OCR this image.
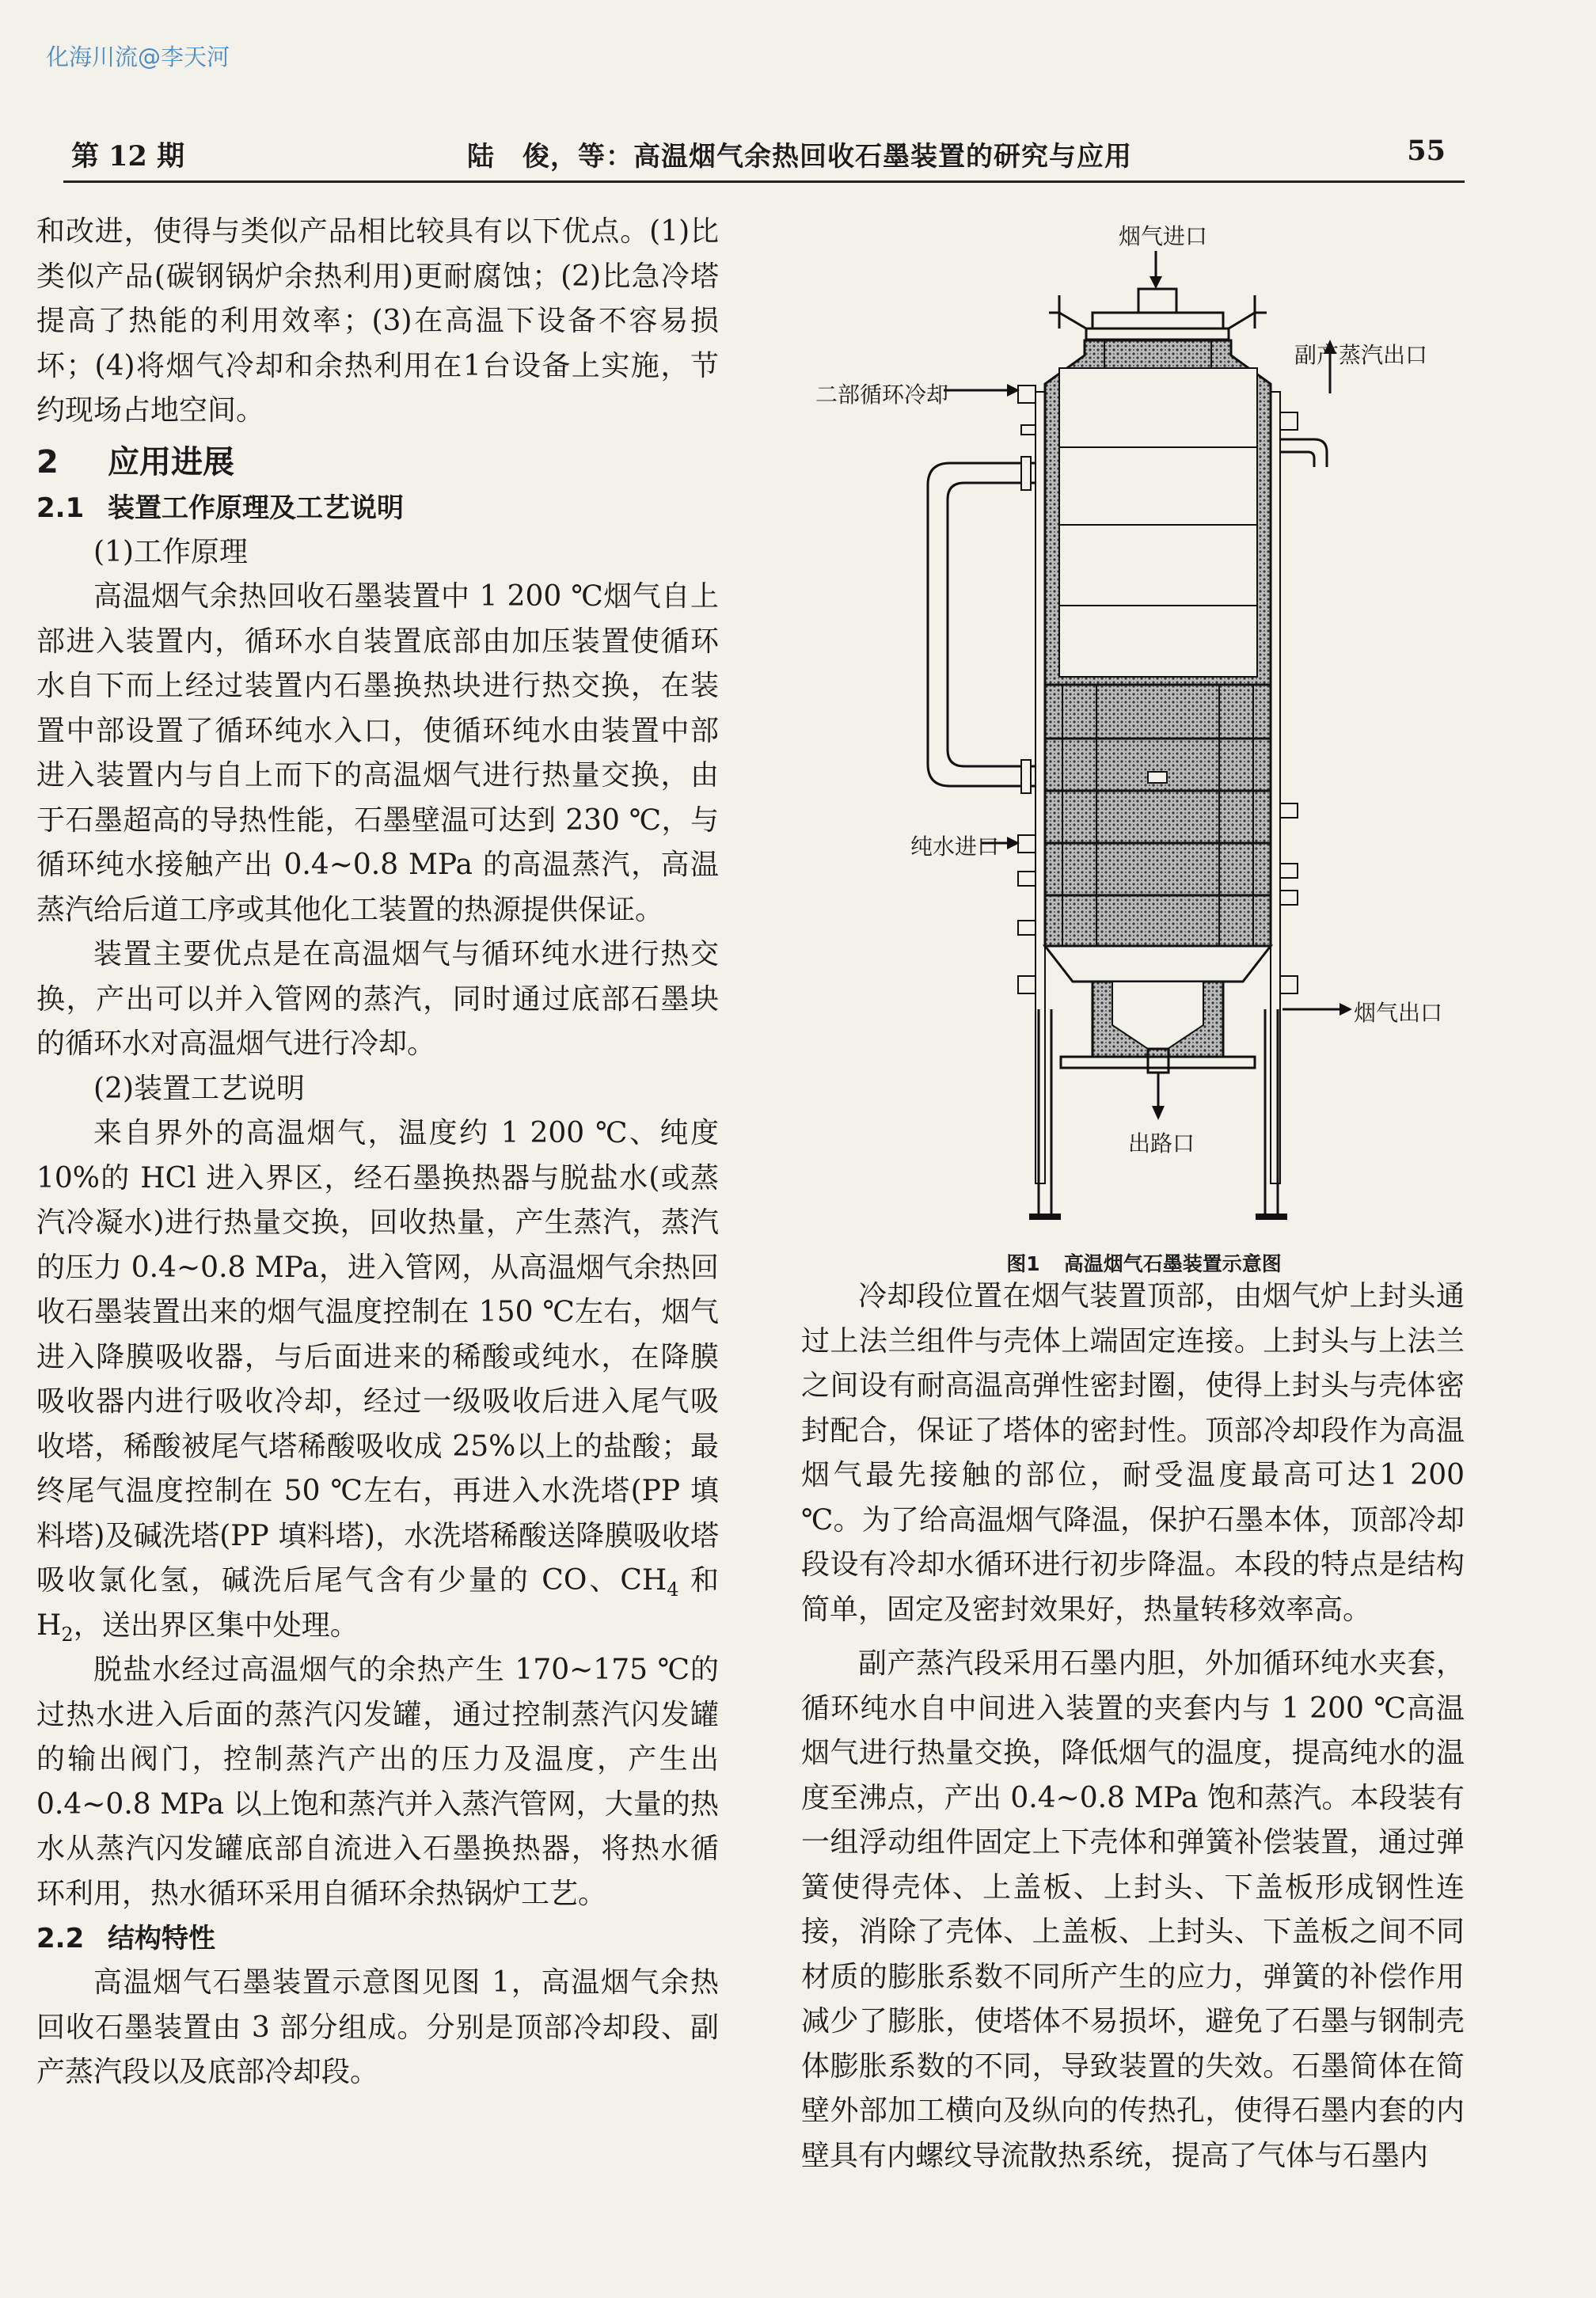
化海川流@李天河
第 12 期	陆　俊，等：高温烟气余热回收石墨装置的研究与应用	55

和改进，使得与类似产品相比较具有以下优点。(1)比类似产品(碳钢锅炉余热利用)更耐腐蚀；(2)比急冷塔提高了热能的利用效率；(3)在高温下设备不容易损坏；(4)将烟气冷却和余热利用在1台设备上实施，节约现场占地空间。

2 应用进展
2.1 装置工作原理及工艺说明

(1)工作原理

高温烟气余热回收石墨装置中 1 200 ℃烟气自上部进入装置内，循环水自装置底部由加压装置使循环水自下而上经过装置内石墨换热块进行热交换，在装置中部设置了循环纯水入口，使循环纯水由装置中部进入装置内与自上而下的高温烟气进行热量交换，由于石墨超高的导热性能，石墨壁温可达到 230 ℃，与循环纯水接触产出 0.4~0.8 MPa 的高温蒸汽，高温蒸汽给后道工序或其他化工装置的热源提供保证。

装置主要优点是在高温烟气与循环纯水进行热交换，产出可以并入管网的蒸汽，同时通过底部石墨块的循环水对高温烟气进行冷却。

(2)装置工艺说明

来自界外的高温烟气，温度约 1 200 ℃、纯度10%的 HCl 进入界区，经石墨换热器与脱盐水(或蒸汽冷凝水)进行热量交换，回收热量，产生蒸汽，蒸汽的压力 0.4~0.8 MPa，进入管网，从高温烟气余热回收石墨装置出来的烟气温度控制在 150 ℃左右，烟气进入降膜吸收器，与后面进来的稀酸或纯水，在降膜吸收器内进行吸收冷却，经过一级吸收后进入尾气吸收塔，稀酸被尾气塔稀酸吸收成 25%以上的盐酸；最终尾气温度控制在 50 ℃左右，再进入水洗塔(PP 填料塔)及碱洗塔(PP 填料塔)，水洗塔稀酸送降膜吸收塔吸收氯化氢，碱洗后尾气含有少量的 CO、$CH_4$ 和 $H_2$，送出界区集中处理。

脱盐水经过高温烟气的余热产生 170~175 ℃的过热水进入后面的蒸汽闪发罐，通过控制蒸汽闪发罐的输出阀门，控制蒸汽产出的压力及温度，产生出 0.4~0.8 MPa 以上饱和蒸汽并入蒸汽管网，大量的热水从蒸汽闪发罐底部自流进入石墨换热器，将热水循环利用，热水循环采用自循环余热锅炉工艺。

2.2 结构特性

高温烟气石墨装置示意图见图 1，高温烟气余热回收石墨装置由 3 部分组成。分别是顶部冷却段、副产蒸汽段以及底部冷却段。

烟气进口
二部循环冷却
副产蒸汽出口
纯水进口
烟气出口
出路口
图1 高温烟气石墨装置示意图

冷却段位置在烟气装置顶部，由烟气炉上封头通过上法兰组件与壳体上端固定连接。上封头与上法兰之间设有耐高温高弹性密封圈，使得上封头与壳体密封配合，保证了塔体的密封性。顶部冷却段作为高温烟气最先接触的部位，耐受温度最高可达1 200 ℃。为了给高温烟气降温，保护石墨本体，顶部冷却段设有冷却水循环进行初步降温。本段的特点是结构简单，固定及密封效果好，热量转移效率高。

副产蒸汽段采用石墨内胆，外加循环纯水夹套，循环纯水自中间进入装置的夹套内与 1 200 ℃高温烟气进行热量交换，降低烟气的温度，提高纯水的温度至沸点，产出 0.4~0.8 MPa 饱和蒸汽。本段装有一组浮动组件固定上下壳体和弹簧补偿装置，通过弹簧使得壳体、上盖板、上封头、下盖板形成钢性连接，消除了壳体、上盖板、上封头、下盖板之间不同材质的膨胀系数不同所产生的应力，弹簧的补偿作用减少了膨胀，使塔体不易损坏，避免了石墨与钢制壳体膨胀系数的不同，导致装置的失效。石墨简体在简壁外部加工横向及纵向的传热孔，使得石墨内套的内壁具有内螺纹导流散热系统，提高了气体与石墨内
